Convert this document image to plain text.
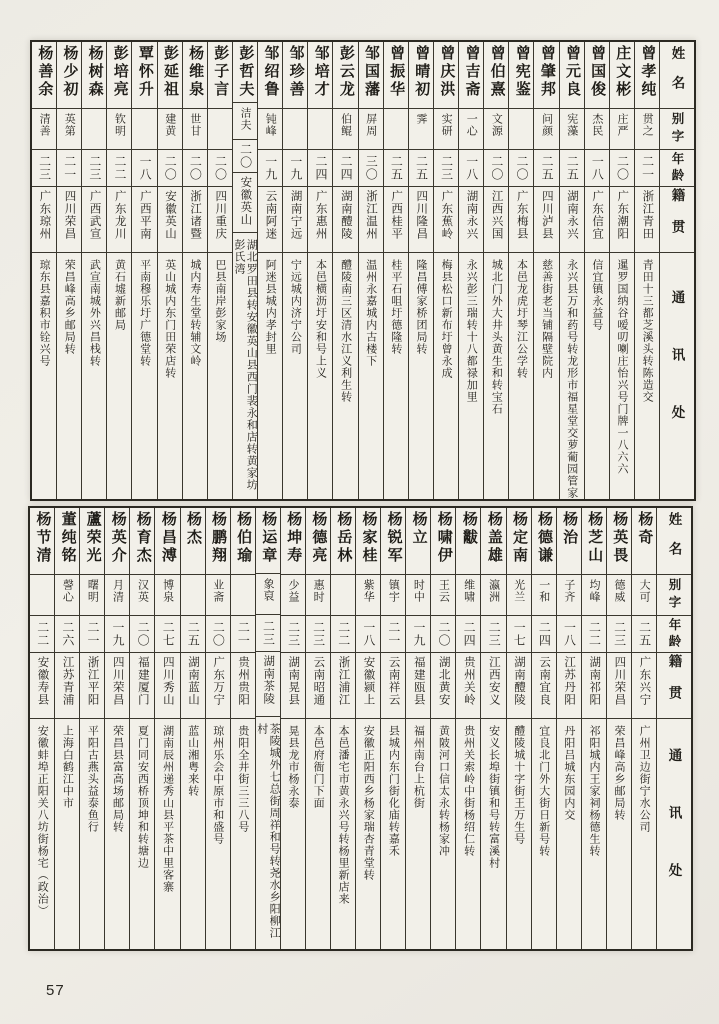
姓名
别字
年龄
籍贯
通讯处
曾孝纯
贯之
二一
浙江青田
青田十三都芝溪头转陈造交
庄文彬
庄严
二〇
广东潮阳
暹罗国纳谷嗳叨喇庄怡兴号门牌一八六六
曾国俊
杰民
一八
广东信宜
信宜镇永益号
曾元良
宪藻
二五
湖南永兴
永兴县万和药号转龙形市福星堂交萝葡园管家
曾肇邦
问颜
二五
四川泸县
慈善街老当铺隔壁院内
曾宪鉴
二〇
广东梅县
本邑龙虎圩琴江公学转
曾伯熹
文源
二〇
江西兴国
城北门外大井头黄生和转宝石
曾吉斋
一心
一八
湖南永兴
永兴彭三瑞转十八都禄加里
曾庆洪
实研
二三
广东蕉岭
梅县松口新布圩曾永成
曾晴初
霁
二五
四川隆昌
隆昌傅家桥团局转
曾振华
二五
广西桂平
桂平石咀圩德隆转
邹国藩
屏周
三〇
浙江温州
温州永嘉城内古楼下
彭云龙
伯鲲
二四
湖南醴陵
醴陵南三区清水江义利生转
邹培才
二四
广东惠州
本邑横沥圩安和号上义
邹珍善
一九
湖南宁远
宁远城内济宁公司
邹绍鲁
钝峰
一九
云南阿迷
阿迷县城内孝封里
彭哲夫
洁夫
二〇
安徽英山
湖北罗田县转安徽英山县西门裴永和店转黄家坊彭氏湾
彭子言
二〇
四川重庆
巴县南岸彭家场
杨维泉
世甘
二〇
浙江诸暨
城内寿生堂转辅文岭
彭延祖
建黄
二〇
安徽英山
英山城内东门田荣店转
覃怀升
一八
广西平南
平南穆乐圩广德堂转
彭培亮
钦明
二二
广东龙川
黄石墟新邮局
杨树森
二三
广西武宣
武宣南城外兴昌栈转
杨少初
英第
二一
四川荣昌
荣昌峰高乡邮局转
杨善余
清善
二三
广东琼州
琼东县嘉积市铨兴号
姓名
别字
年龄
籍贯
通讯处
杨奇
大可
二五
广东兴宁
广州卫边街宁水公司
杨英畏
德威
二三
四川荣昌
荣昌峰高乡邮局转
杨芝山
均峰
二二
湖南祁阳
祁阳城内王家祠杨德生转
杨治
子齐
一八
江苏丹阳
丹阳吕城东园内交
杨德谦
一和
二四
云南宜良
宜良北门外大街日新号转
杨定南
光兰
一七
湖南醴陵
醴陵城十字街王万生号
杨盖雄
瀛洲
二三
江西安义
安义长埠街镇和号转富溪村
杨黻
维啸
二四
贵州关岭
贵州关索岭中街杨绍仁转
杨啸伊
王云
二〇
湖北黄安
黄陂河口信太永转杨家冲
杨立
时中
一九
福建瓯县
福州南台上杭街
杨锐军
镇宇
二一
云南祥云
县城内东门街化庙转嘉禾
杨家桂
紫华
一八
安徽颍上
安徽正阳西乡杨家瑞杏青堂转
杨岳林
二二
浙江浦江
本邑潘宅市黄永兴号转杨里新店来
杨德亮
惠时
二三
云南昭通
本邑府衙门下面
杨坤寿
少益
二三
湖南晃县
晃县龙市杨永泰
杨运章
象裒
二三
湖南茶陵
茶陵城外七总街周祥和号转尧水乡阳柳江村
杨伯瑜
二一
贵州贵阳
贵阳全井街三三八号
杨鹏翔
业斋
二〇
广东万宁
琼州乐会中原市和盛号
杨杰
二五
湖南蓝山
蓝山湘粤来转
杨昌溥
博泉
二七
四川秀山
湖南辰州递秀山县平茶中里客寨
杨育杰
汉英
二〇
福建厦门
夏门同安西桥顶坤和转塘边
杨英介
月清
一九
四川荣昌
荣昌县富高场邮局转
蘆荣光
曙明
二一
浙江平阳
平阳古燕头益泰鱼行
董纯铭
謦心
二六
江苏青浦
上海白鹤江中市
杨节清
二二
安徽寿县
安徽蚌埠正阳关八坊街杨宅（政治）
57
